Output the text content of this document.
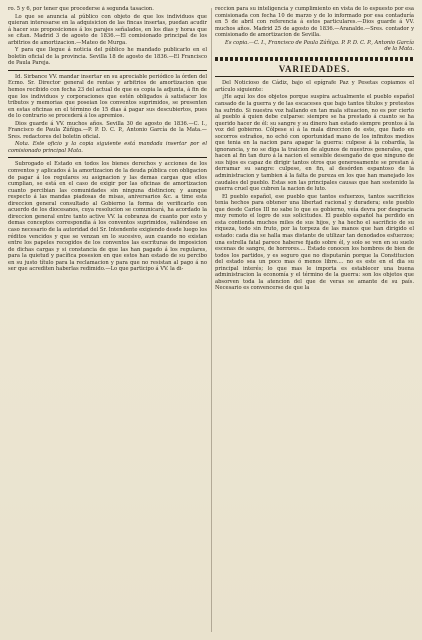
ro. 5 y 6, por tener que procederse á segunda tasacion.

Lo que se anuncia al público con objeto de que los individuos que quieran interesarse en la adquisicion de las fincas insertas, puedan acudir á hacer sus proposiciones á los parajes señalados, en los dias y horas que se citan. Madrid 3 de agosto de 1836.—El comisionado principal de los arbitrios de amortizacion.—Mateo de Murga.

Y para que llegue á noticia del público he mandado publicarlo en el boletin oficial de la provincia. Sevilla 18 de agosto de 1836.—El Francisco de Paula Pareja.

Id. Sirbance VV. mandar insertar en su apreciable periódico la órden del Ecmo. Sr. Director general de rentas y arbitrios de amortizacion que hemos recibido con fecha 23 del actual de que es copia la adjunta, á fin de que los individuos y corporaciones que estén obligados á satisfacer los tributos y memorias que poseian los conventos suprimidos, se presenten en estas oficinas en el término de 15 dias á pagar sus descubiertos, pues de lo contrario se procederá á los apremios.

Dios guarde á VV. muchos años. Sevilla 30 de agosto de 1836.—C. I., Francisco de Paula Zúñiga.—P. P. D. C. P., Antonio García de la Mata.—Sres. redactores del boletin oficial.

Nota. Este oficio y la copia siguiente está mandada insertar por el comisionado principal Mata.

Subrogado el Estado en todos los bienes derechos y acciones de los conventos y aplicados á la amortizacion de la deuda pública con obligacion de pagar á los regulares su asignacion y las demas cargas que ellos cumplian, se está en el caso de exigir por las oficinas de amortizacion cuanto percibian las comunidades sin ninguna distincion; y aunque respecto á las mandas piadosas de misas, aniversarios &c. a time esta direccion general consultado al Gobierno la forma de verificarlo con acuerdo de los diocesanos, cuya resolucion se comunicará, ha acordado la direccion general entre tanto active VV. la cobranza de cuanto por esto y demas conceptos correspondia á los conventos suprimidos, valiéndose en caso necesario de la autoridad del Sr. Intendente exigiendo desde luego los réditos vencidos y que se venzan en lo sucesivo, aun cuando no existan entre los papeles recogidos de los conventos las escrituras de imposicion de dichas cargas y si constancia de que las han pagado á los regulares, para la quietud y pacífica posesion en que estos han estado de su percibo en su justo título para la reclamacion y para que no resistan al pago á no ser que acrediten haberlas redimido.—Lo que participo á VV. la di-

reccion para su inteligencia y cumplimiento en vista de lo espuesto por esa comisionada con fecha 10 de marzo y de lo informado por esa contaduría en 5 de abril con referencia á estos particulares.—Dios guarde á VV. muchos años. Madrid 25 de agosto de 1836.—Aranalde.—Sres. contador y comisionado de amortizacion de Sevilla.

Es copia.—C. I., Francisco de Paula Zúñiga. P. P. D. C. P., Antonio García de la Mata.

VARIEDADES.

Del Noticioso de Cádiz, bajo el epígrafe Paz y Pesetas copiamos el artículo siguiente:

¡He aquí los dos objetos porque suspira actualmente el pueblo español cansado de la guerra y de las escaceses que bajo tantos títulos y pretestos ha sufrido. Si nuestra voz hallando en tan mala situacion, no es por cierto al pueblo á quien debe culparse: siempre se ha prestado á cuanto se ha querido hacer de él: su sangre y su dinero han estado siempre prontos á la voz del gobierno. Cólpese sí á la mala direccion de este, que fiado en socorros estraños, no echó con oportunidad mano de los infinitos medios que tenia en la nacion para apagar la guerra: culpese á la cobardía, la ignorancia, y no se diga la traicion de algunos de nuestros generales, que hacen al fin tan duro á la nacion el sensible desengaño de que ninguno de sus hijos es capaz de dirigir tantos otros que generosamente se prestan á derramar su sangre: culpese, en fin, al desórden espantoso de la administracion y tambien á la falta de pureza en los que han manejado los caudales del pueblo. Estas son las principales causas que han sostenido la guerra cruel que cubren la nacion de luto.

El pueblo español, ese pueblo que tantos esfuerzos, tantos sacrificios tenia hechos para obtener una libertad racional y duradera; este pueblo que desde Carlos III no sabe lo que es gobierno, veía devra por desgracia muy remoto el logro de sus solicitudes. El pueblo español ha perdido en esta contienda muchos miles de sus hijos, y ha hecho el sacrificio de su riqueza, todo sin fruto, por la torpeza de las manos que han dirigido el estado: cada dia se halla mas distante de utilizar tan denodados esfuerzos; una estrella fatal parece haberse fijado sobre él, y solo se ven en su suelo escenas de sangre, de horrores.... Estado conocen los hombres de bien de todos los partidos, y es seguro que no disputarán porque la Constitucion del estado sea un poco mas ó menos libre.... no es este en el dia su principal interés; lo que mas le importa es establecer una buena administracion la economía y el término de la guerra: son los objetos que absorven toda la atencion del que de veras se amante de su país. Necesario es convencerse de que la
